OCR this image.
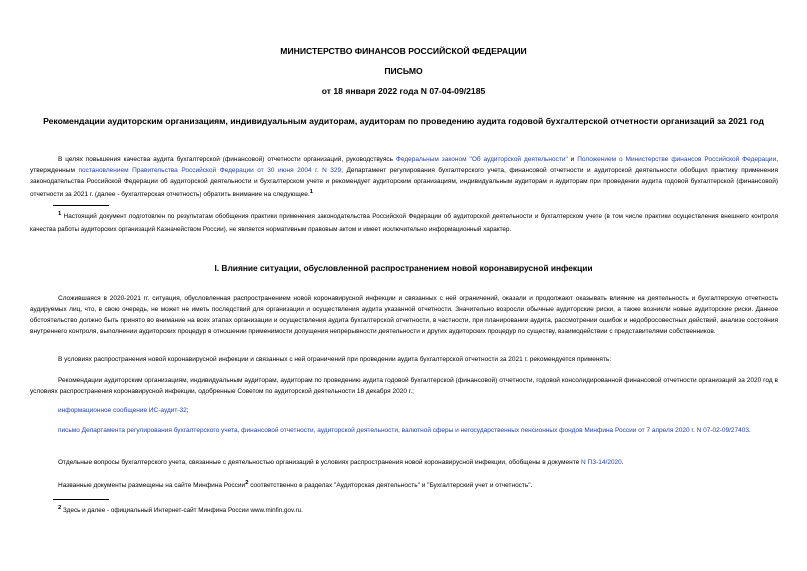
МИНИСТЕРСТВО ФИНАНСОВ РОССИЙСКОЙ ФЕДЕРАЦИИ
ПИСЬМО
от 18 января 2022 года N 07-04-09/2185
Рекомендации аудиторским организациям, индивидуальным аудиторам, аудиторам по проведению аудита годовой бухгалтерской отчетности организаций за 2021 год
В целях повышения качества аудита бухгалтерской (финансовой) отчетности организаций, руководствуясь Федеральным законом "Об аудиторской деятельности" и Положением о Министерстве финансов Российской Федерации, утвержденным постановлением Правительства Российской Федерации от 30 июня 2004 г. N 329, Департамент регулирования бухгалтерского учета, финансовой отчетности и аудиторской деятельности обобщил практику применения законодательства Российской Федерации об аудиторской деятельности и бухгалтерском учете и рекомендует аудиторским организациям, индивидуальным аудиторам и аудиторам при проведении аудита годовой бухгалтерской (финансовой) отчетности за 2021 г. (далее - бухгалтерская отчетность) обратить внимание на следующее.1
1 Настоящий документ подготовлен по результатам обобщения практики применения законодательства Российской Федерации об аудиторской деятельности и бухгалтерском учете (в том числе практики осуществления внешнего контроля качества работы аудиторских организаций Казначейством России), не является нормативным правовым актом и имеет исключительно информационный характер.
I. Влияние ситуации, обусловленной распространением новой коронавирусной инфекции
Сложившаяся в 2020-2021 гг. ситуация, обусловленная распространением новой коронавирусной инфекции и связанных с ней ограничений, оказали и продолжают оказывать влияние на деятельность и бухгалтерскую отчетность аудируемых лиц, что, в свою очередь, не может не иметь последствий для организации и осуществления аудита указанной отчетности. Значительно возросли обычные аудиторские риски, а также возникли новые аудиторские риски. Данное обстоятельство должно быть принято во внимание на всех этапах организации и осуществления аудита бухгалтерской отчетности, в частности, при планировании аудита, рассмотрении ошибок и недобросовестных действий, анализе состояния внутреннего контроля, выполнении аудиторских процедур в отношении применимости допущения непрерывности деятельности и других аудиторских процедур по существу, взаимодействии с представителями собственников.
В условиях распространения новой коронавирусной инфекции и связанных с ней ограничений при проведении аудита бухгалтерской отчетности за 2021 г. рекомендуется применять:
Рекомендации аудиторским организациям, индивидуальным аудиторам, аудиторам по проведению аудита годовой бухгалтерской (финансовой) отчетности, годовой консолидированной финансовой отчетности организаций за 2020 год в условиях распространения коронавирусной инфекции, одобренные Советом по аудиторской деятельности 18 декабря 2020 г.;
информационное сообщение ИС-аудит-32;
письмо Департамента регулирования бухгалтерского учета, финансовой отчетности, аудиторской деятельности, валютной сферы и негосударственных пенсионных фондов Минфина России от 7 апреля 2020 г. N 07-02-09/27403.
Отдельные вопросы бухгалтерского учета, связанные с деятельностью организаций в условиях распространения новой коронавирусной инфекции, обобщены в документе N ПЗ-14/2020.
Названные документы размещены на сайте Минфина России2 соответственно в разделах "Аудиторская деятельность" и "Бухгалтерский учет и отчетность".
2 Здесь и далее - официальный Интернет-сайт Минфина России www.minfin.gov.ru.
